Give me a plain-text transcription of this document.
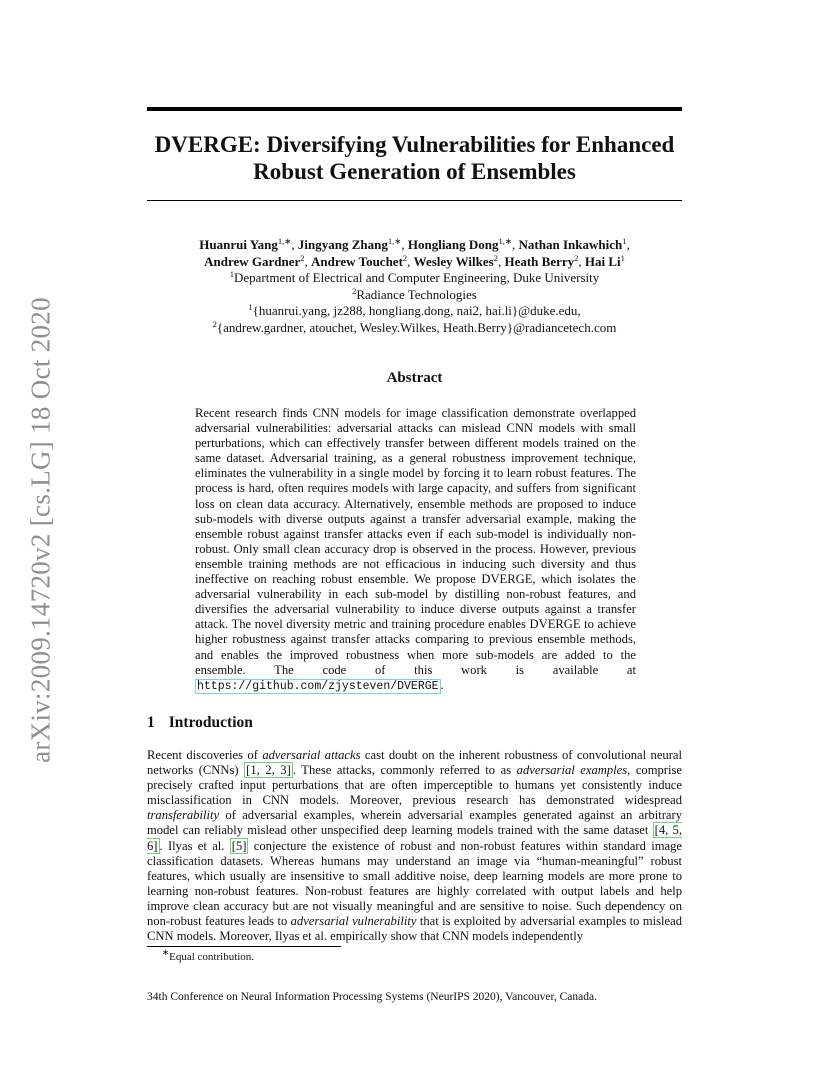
arXiv:2009.14720v2 [cs.LG] 18 Oct 2020
DVERGE: Diversifying Vulnerabilities for Enhanced
Robust Generation of Ensembles
Huanrui Yang$^{1,∗}$, Jingyang Zhang$^{1,∗}$, Hongliang Dong$^{1,∗}$, Nathan Inkawhich$^1$,
Andrew Gardner$^2$, Andrew Touchet$^2$, Wesley Wilkes$^2$, Heath Berry$^2$, Hai Li$^1$
$^1$Department of Electrical and Computer Engineering, Duke University
$^2$Radiance Technologies
$^1${huanrui.yang, jz288, hongliang.dong, nai2, hai.li}@duke.edu,
$^2${andrew.gardner, atouchet, Wesley.Wilkes, Heath.Berry}@radiancetech.com
Abstract
Recent research finds CNN models for image classification demonstrate overlapped adversarial vulnerabilities: adversarial attacks can mislead CNN models with small perturbations, which can effectively transfer between different models trained on the same dataset. Adversarial training, as a general robustness improvement technique, eliminates the vulnerability in a single model by forcing it to learn robust features. The process is hard, often requires models with large capacity, and suffers from significant loss on clean data accuracy. Alternatively, ensemble methods are proposed to induce sub-models with diverse outputs against a transfer adversarial example, making the ensemble robust against transfer attacks even if each sub-model is individually non-robust. Only small clean accuracy drop is observed in the process. However, previous ensemble training methods are not efficacious in inducing such diversity and thus ineffective on reaching robust ensemble. We propose DVERGE, which isolates the adversarial vulnerability in each sub-model by distilling non-robust features, and diversifies the adversarial vulnerability to induce diverse outputs against a transfer attack. The novel diversity metric and training procedure enables DVERGE to achieve higher robustness against transfer attacks comparing to previous ensemble methods, and enables the improved robustness when more sub-models are added to the ensemble. The code of this work is available at https://github.com/zjysteven/DVERGE .
1 Introduction
Recent discoveries of adversarial attacks cast doubt on the inherent robustness of convolutional neural networks (CNNs) [1, 2, 3] . These attacks, commonly referred to as adversarial examples, comprise precisely crafted input perturbations that are often imperceptible to humans yet consistently induce misclassification in CNN models. Moreover, previous research has demonstrated widespread transferability of adversarial examples, wherein adversarial examples generated against an arbitrary model can reliably mislead other unspecified deep learning models trained with the same dataset [4, 5, 6] . Ilyas et al. [5] conjecture the existence of robust and non-robust features within standard image classification datasets. Whereas humans may understand an image via “human-meaningful” robust features, which usually are insensitive to small additive noise, deep learning models are more prone to learning non-robust features. Non-robust features are highly correlated with output labels and help improve clean accuracy but are not visually meaningful and are sensitive to noise. Such dependency on non-robust features leads to adversarial vulnerability that is exploited by adversarial examples to mislead CNN models. Moreover, Ilyas et al. empirically show that CNN models independently
∗Equal contribution.
34th Conference on Neural Information Processing Systems (NeurIPS 2020), Vancouver, Canada.
